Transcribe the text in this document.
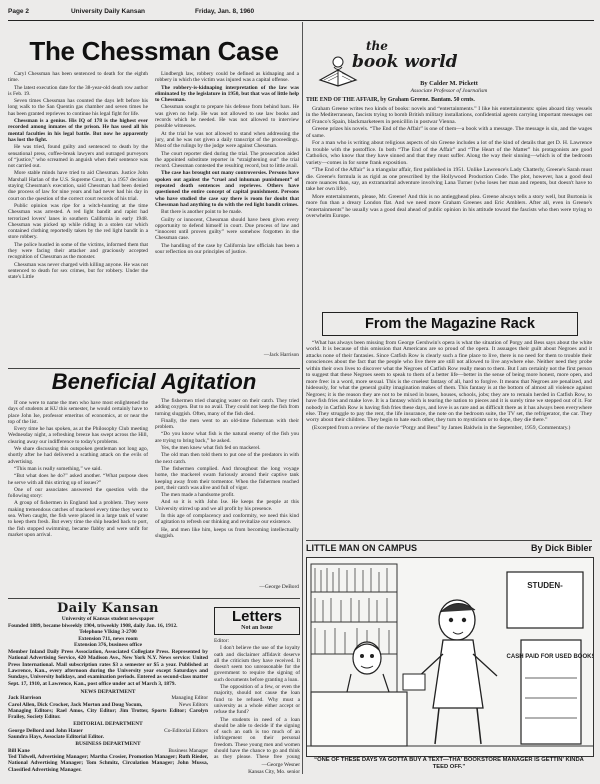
Page 2	University Daily Kansan	Friday, Jan. 8, 1960
The Chessman Case

Caryl Chessman has been sentenced to death for the eighth time.

The latest execution date for the 38-year-old death row author is Feb. 19.

Seven times Chessman has counted the days left before his long walk to the San Quentin gas chamber and seven times he has been granted reprieves to continue his legal fight for life.

Chessman is a genius. His IQ of 178 is the highest ever recorded among inmates of the prison. He has used all his mental faculties in his legal battle. But now he apparently has lost the fight.

He was tried, found guilty and sentenced to death by the sensational press, coffee-break lawyers and outraged purveyors of “justice,” who screamed in anguish when their sentence was not carried out.

More stable minds have tried to aid Chessman. Justice John Marshall Harlan of the U.S. Supreme Court, in a 1957 decision staying Chessman's execution, said Chessman had been denied due process of law for nine years and had never had his day in court on the question of the correct court records of his trial.

Public opinion was ripe for a witch-hunting at the time Chessman was arrested. A red light bandit and rapist had terrorized lovers' lanes in southern California in early 1948. Chessman was picked up while riding in a stolen car which contained clothing reportedly taken by the red light bandit in a store robbery.

The police hustled in some of the victims, informed them that they were facing their attacker and graciously accepted recognition of Chessman as the monster.

Chessman was never charged with killing anyone. He was not sentenced to death for sex crimes, but for robbery. Under the state's Little

Lindbergh law, robbery could be defined as kidnaping and a robbery in which the victim was injured was a capital offense.

The robbery-is-kidnaping interpretation of the law was eliminated by the legislature in 1950, but that was of little help to Chessman.

Chessman sought to prepare his defense from behind bars. He was given no help. He was not allowed to use law books and records which he needed. He was not allowed to interview possible witnesses.

At the trial he was not allowed to stand when addressing the jury, and he was not given a daily transcript of the proceedings. Most of the rulings by the judge were against Chessman.

The court reporter died during the trial. The prosecution aided the appointed substitute reporter in “straightening out” the trial record. Chessman contested the resulting record, but to little avail.

The case has brought out many controversies. Persons have spoken out against the “cruel and inhuman punishment” of repeated death sentences and reprieves. Others have questioned the entire concept of capital punishment. Persons who have studied the case say there is room for doubt that Chessman had anything to do with the red light bandit crimes.

But there is another point to be made.

Guilty or innocent, Chessman should have been given every opportunity to defend himself in court. Due process of law and “innocent until proven guilty” were somehow forgotten in the Chessman case.

The handling of the case by California law officials has been a sour reflection on our principles of justice.

—Jack Harrison
Beneficial Agitation

If one were to name the men who have most enlightened the days of students at KU this semester, he would certainly have to place John Ise, professor emeritus of economics, at or near the top of the list.

Every time he has spoken, as at the Philosophy Club meeting Wednesday night, a refreshing breeze has swept across the Hill, clearing away our indifference to today's problems.

We share discussing this outspoken gentleman not long ago, shortly after he had delivered a scathing attack on the evils of advertising.

“This man is really something,” we said.

“But what does he do?” asked another. “What purpose does he serve with all this stirring up of issues?”

One of our associates answered the question with the following story:

A group of fishermen in England had a problem. They were making tremendous catches of mackerel every time they went to sea. When caught, the fish were placed in a large tank of water to keep them fresh. But every time the ship headed back to port, the fish stopped swimming, became flabby and were unfit for market upon arrival.

The fishermen tried changing water on their catch. They tried adding oxygen. But to no avail. They could not keep the fish from turning sluggish. Often, many of the fish died.

Finally, the men went to an old-time fisherman with their problem.

“Do you know what fish is the natural enemy of the fish you are trying to bring back,” he asked.

Yes, the men knew what fish fed on mackerel.

The old man then told them to put one of the predators in with the next catch.

The fishermen complied. And throughout the long voyage home, the mackerel swam furiously around their captive tank keeping away from their tormentor. When the fishermen reached port, their catch was alive and full of vigor.

The men made a handsome profit.

And so it is with John Ise. He keeps the people at this University stirred up and we all profit by his presence.

In this age of complacency and conformity, we need this kind of agitation to refresh our thinking and revitalize our existence.

He, and men like him, keeps us from becoming intellectually sluggish.

—George DeBord
Daily Kansan
University of Kansas student newspaper
Founded 1889, became biweekly 1904, triweekly 1908, daily Jan. 16, 1912.
Telephone VIking 3-2700
Extension 711, news room
Extension 376, business office
Member Inland Daily Press Association, Associated Collegiate Press. Represented by National Advertising Service, 420 Madison Ave., New York N.Y. News service: United Press International. Mail subscription rates $3 a semester or $5 a year. Published at Lawrence, Kan., every afternoon during the University year except Saturdays and Sundays, University holidays, and examination periods. Entered as second-class matter Sept. 17, 1910, at Lawrence, Kan., post office under act of March 3, 1879.
NEWS DEPARTMENT
Jack Harrison	Managing Editor
Carol Allen, Dick Crocker, Jack Morton and Doug Yocum,	News Editors
Managing Editors; Rael Amos, City Editor; Jim Trotter, Sports Editor; Carolyn Frailey, Society Editor.
EDITORIAL DEPARTMENT
George DeBord and John Hauer	Co-Editorial Editors
Saundra Hays, Associate Editorial Editor.
BUSINESS DEPARTMENT
Bill Kane	Business Manager
Ted Tidwell, Advertising Manager; Martha Crosier, Promotion Manager; Ruth Rieder, National Advertising Manager; Tom Schmitz, Circulation Manager; John Mussa, Classified Advertising Manager.
Letters
Not an Issue

Editor:

I don't believe the use of the loyalty oath and disclaimer affidavit deserve all the criticism they have received. It doesn't seem too unreasonable for the government to require the signing of such documents before granting a loan.

The opposition of a few, or even the majority, should not cause the loan fund to be refused. Why must a university as a whole either accept or refuse the fund?

The students in need of a loan should be able to decide if the signing of such an oath is too much of an infringement on their personal freedom. These young men and women should have the chance to go and think as they please. These free young

—George Wesner
Kansas City, Mo. senior
the
book world
By Calder M. Pickett
Associate Professor of Journalism
THE END OF THE AFFAIR, by Graham Greene. Bantam. 50 cents.

Graham Greene writes two kinds of books: novels and “entertainments.” I like his entertainments: spies aboard tiny vessels in the Mediterranean, fascists trying to bomb British military installations, confidential agents carrying important messages out of Franco's Spain, blackmarketeers in penicillin in postwar Vienna.

Greene prizes his novels. “The End of the Affair” is one of them—a book with a message. The message is sin, and the wages of same.

For a man who is writing about religious aspects of sin Greene includes a lot of the kind of details that get D. H. Lawrence in trouble with the postoffice. In both “The End of the Affair” and “The Heart of the Matter” his protagonists are good Catholics, who know that they have sinned and that they must suffer. Along the way their sinning—which is of the bedroom variety—comes in for some frank exposition.

“The End of the Affair” is a triangular affair, first published in 1951. Unlike Lawrence's Lady Chatterly, Greene's Sarah must die. Greene's formula is as rigid as one prescribed by the Hollywood Production Code. The plot, however, has a good deal more nuances than, say, an extramarital adventure involving Lana Turner (who loses her man and repents, but doesn't have to take her own life).

More entertainments, please, Mr. Greene! And this is no antiegghead plea. Greene always tells a story well, but Burtonia is more fun than a dreary London flat. And we need more Graham Greenes and Eric Amblers. After all, even in Greene's “entertainments” he usually was a good deal ahead of public opinion in his attitude toward the fascists who then were trying to overwhelm Europe.

From the Magazine Rack

“What has always been missing from George Gershwin's opera is what the situation of Porgy and Bess says about the white world. It is because of this omission that Americans are so proud of the opera. It assuages their guilt about Negroes and it attacks none of their fantasies. Since Catfish Row is clearly such a fine place to live, there is no need for them to trouble their consciences about the fact that the people who live there are still not allowed to live anywhere else. Neither need they probe within their own lives to discover what the Negroes of Catfish Row really mean to them. But I am certainly not the first person to suggest that these Negroes seem to speak to them of a better life—better in the sense of being more honest, more open, and more free: in a word, more sexual. This is the cruelest fantasy of all, hard to forgive. It means that Negroes are penalized, and hideously, for what the general guilty imagination makes of them. This fantasy is at the bottom of almost all violence against Negroes; it is the reason they are not to be mixed in buses, houses, schools, jobs; they are to remain herded in Catfish Row, to have fish fries and make love. It is a fantasy which is tearing the nation to pieces and it is surely time we stepped out of it. For nobody in Catfish Row is having fish fries these days, and love is as rare and as difficult there as it has always been everywhere else. They struggle to pay the rent, the life insurance, the note on the bedroom suite, the TV set, the refrigerator, the car. They worry about their children. They begin to hate each other, they turn to mysticism or to dope, they die there.”

(Excerpted from a review of the movie “Porgy and Bess” by James Baldwin in the September, 1959, Commentary.)

LITTLE MAN ON CAMPUS	By Dick Bibler
STUDEN-
CASH PAID FOR USED BOOKS
“ONE OF THESE DAYS YA GOTTA BUY A TEXT—THA' BOOKSTORE MANAGER IS GETTIN' KINDA TEED OFF.”
